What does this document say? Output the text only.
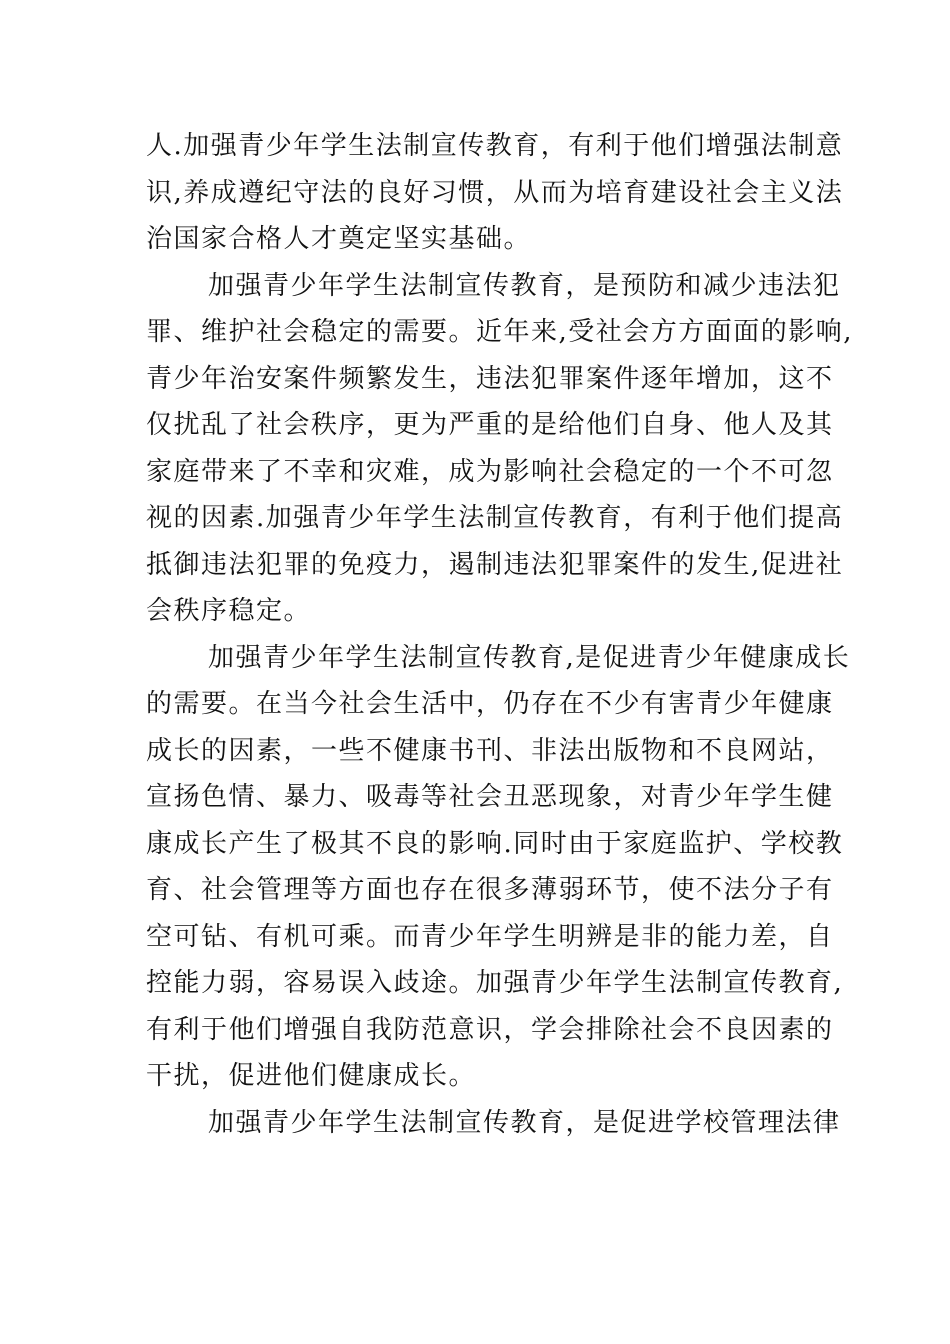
人.加强青少年学生法制宣传教育，有利于他们增强法制意
识,养成遵纪守法的良好习惯，从而为培育建设社会主义法
治国家合格人才奠定坚实基础。
加强青少年学生法制宣传教育，是预防和减少违法犯
罪、维护社会稳定的需要。近年来,受社会方方面面的影响,
青少年治安案件频繁发生，违法犯罪案件逐年增加，这不
仅扰乱了社会秩序，更为严重的是给他们自身、他人及其
家庭带来了不幸和灾难，成为影响社会稳定的一个不可忽
视的因素.加强青少年学生法制宣传教育，有利于他们提高
抵御违法犯罪的免疫力，遏制违法犯罪案件的发生,促进社
会秩序稳定。
加强青少年学生法制宣传教育,是促进青少年健康成长
的需要。在当今社会生活中，仍存在不少有害青少年健康
成长的因素，一些不健康书刊、非法出版物和不良网站，
宣扬色情、暴力、吸毒等社会丑恶现象，对青少年学生健
康成长产生了极其不良的影响.同时由于家庭监护、学校教
育、社会管理等方面也存在很多薄弱环节，使不法分子有
空可钻、有机可乘。而青少年学生明辨是非的能力差，自
控能力弱，容易误入歧途。加强青少年学生法制宣传教育,
有利于他们增强自我防范意识，学会排除社会不良因素的
干扰，促进他们健康成长。
加强青少年学生法制宣传教育，是促进学校管理法律
